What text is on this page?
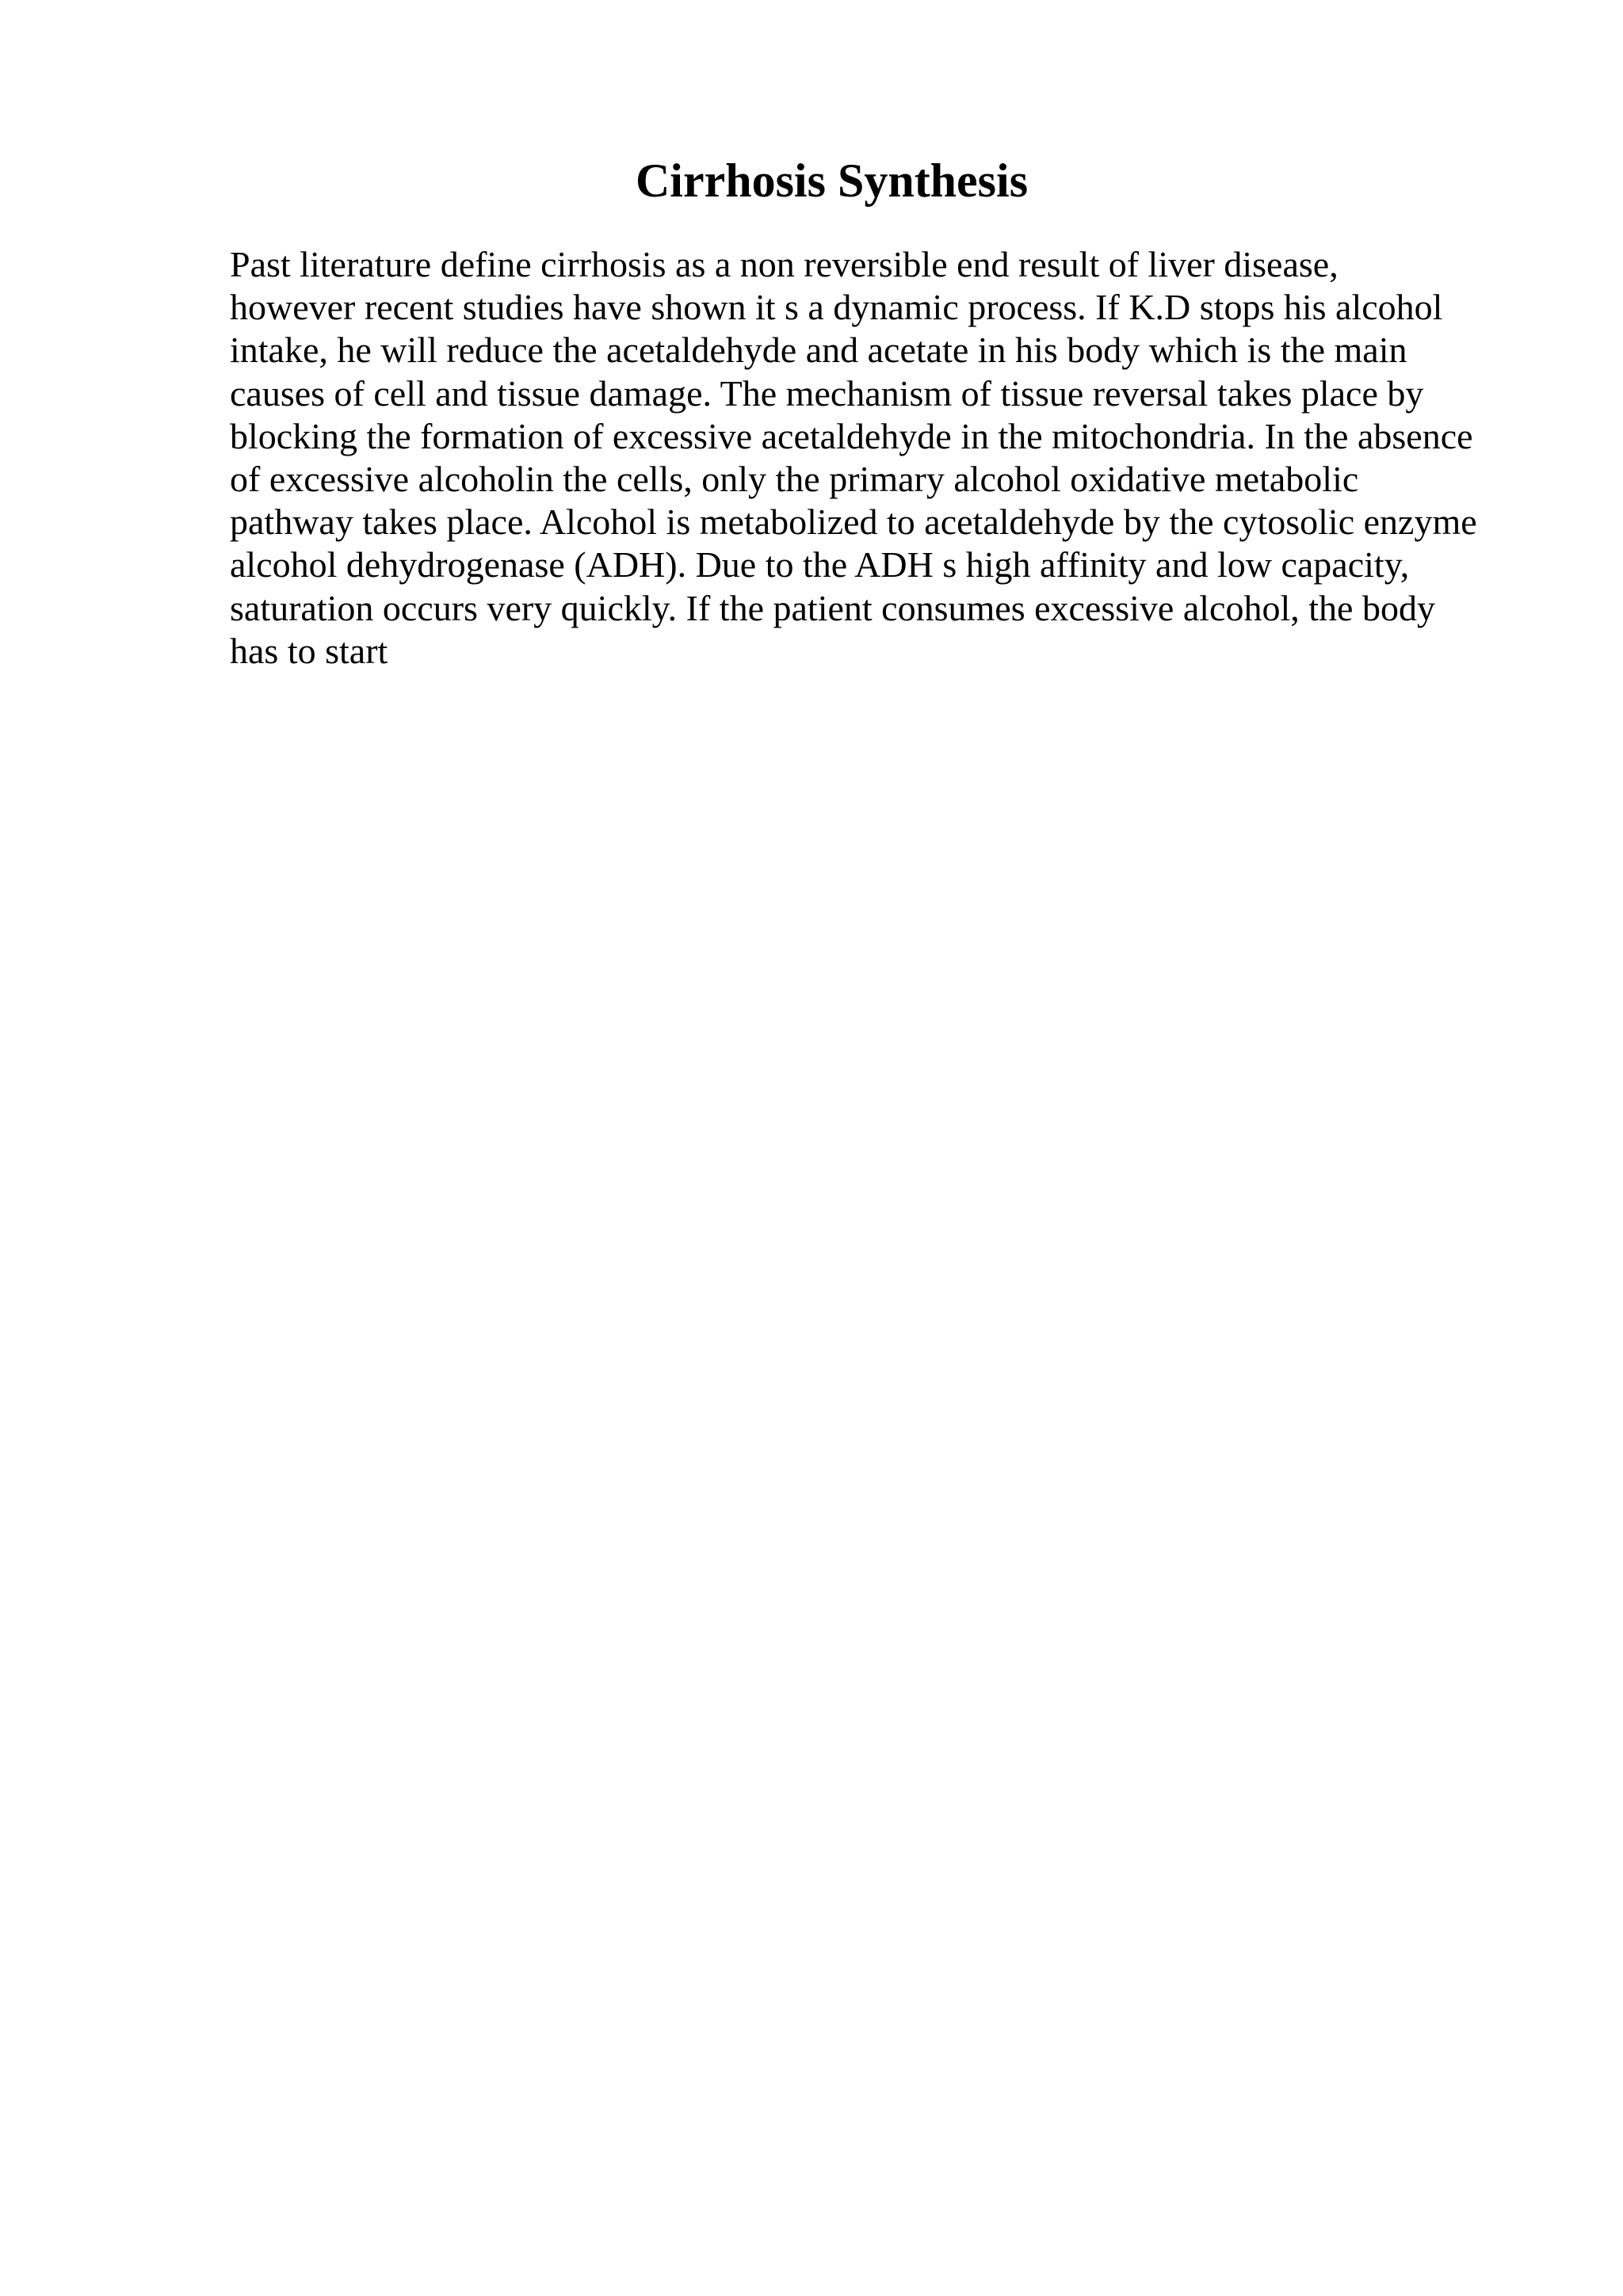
Cirrhosis Synthesis
Past literature define cirrhosis as a non reversible end result of liver disease,
however recent studies have shown it s a dynamic process. If K.D stops his alcohol
intake, he will reduce the acetaldehyde and acetate in his body which is the main
causes of cell and tissue damage. The mechanism of tissue reversal takes place by
blocking the formation of excessive acetaldehyde in the mitochondria. In the absence
of excessive alcoholin the cells, only the primary alcohol oxidative metabolic
pathway takes place. Alcohol is metabolized to acetaldehyde by the cytosolic enzyme
alcohol dehydrogenase (ADH). Due to the ADH s high affinity and low capacity,
saturation occurs very quickly. If the patient consumes excessive alcohol, the body
has to start
